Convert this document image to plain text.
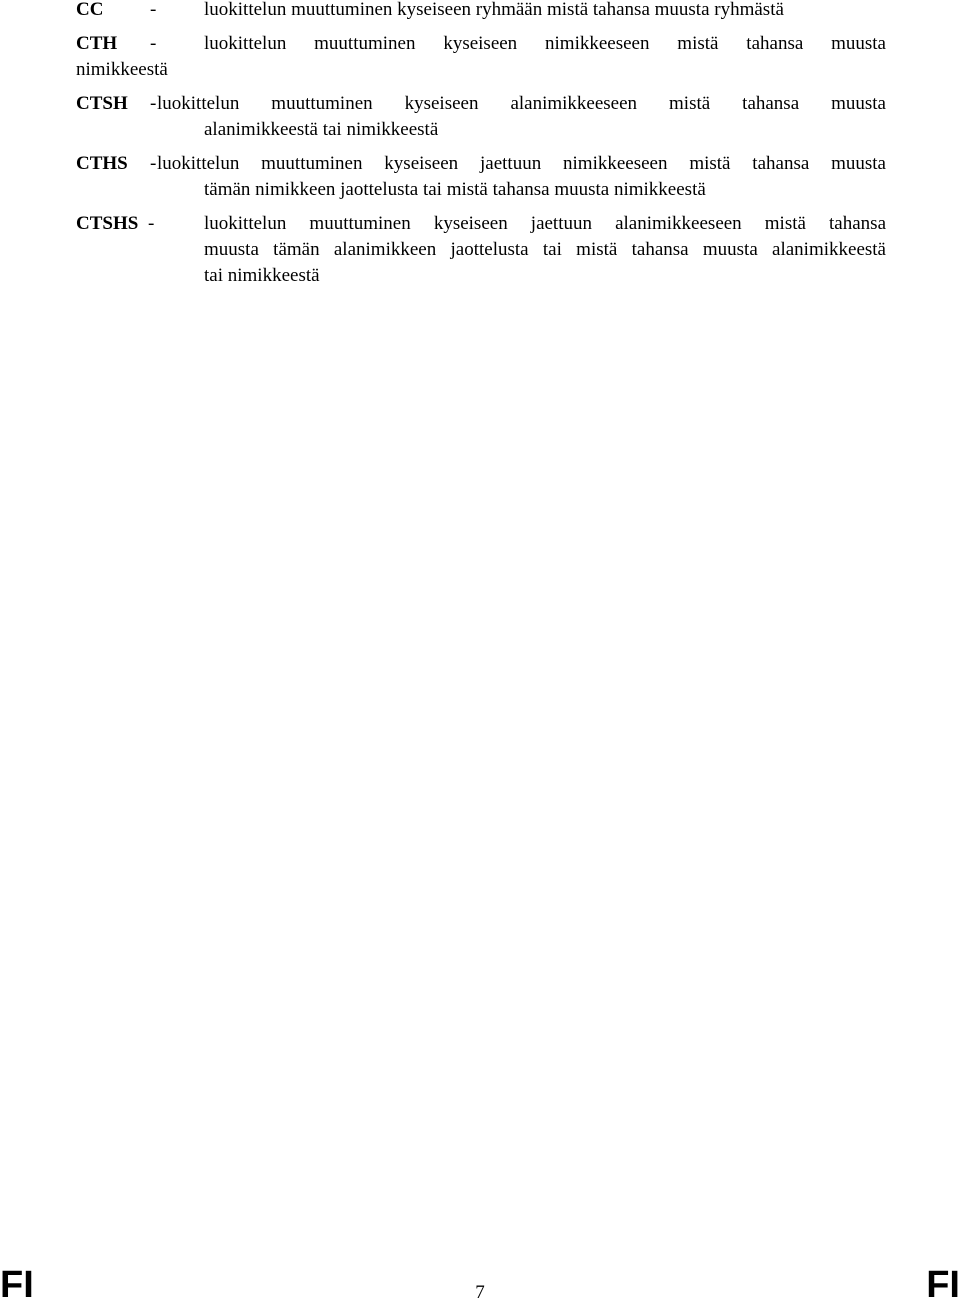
CC -	luokittelun muuttuminen kyseiseen ryhmään mistä tahansa muusta ryhmästä
CTH -	luokittelun muuttuminen kyseiseen nimikkeeseen mistä tahansa muusta
nimikkeestä
CTSH - luokittelun muuttuminen kyseiseen alanimikkeeseen mistä tahansa muusta
alanimikkeestä tai nimikkeestä
CTHS - luokittelun muuttuminen kyseiseen jaettuun nimikkeeseen mistä tahansa muusta
tämän nimikkeen jaottelusta tai mistä tahansa muusta nimikkeestä
CTSHS -	luokittelun muuttuminen kyseiseen jaettuun alanimikkeeseen mistä tahansa
muusta tämän alanimikkeen jaottelusta tai mistä tahansa muusta alanimikkeestä
tai nimikkeestä
FI	7	FI
